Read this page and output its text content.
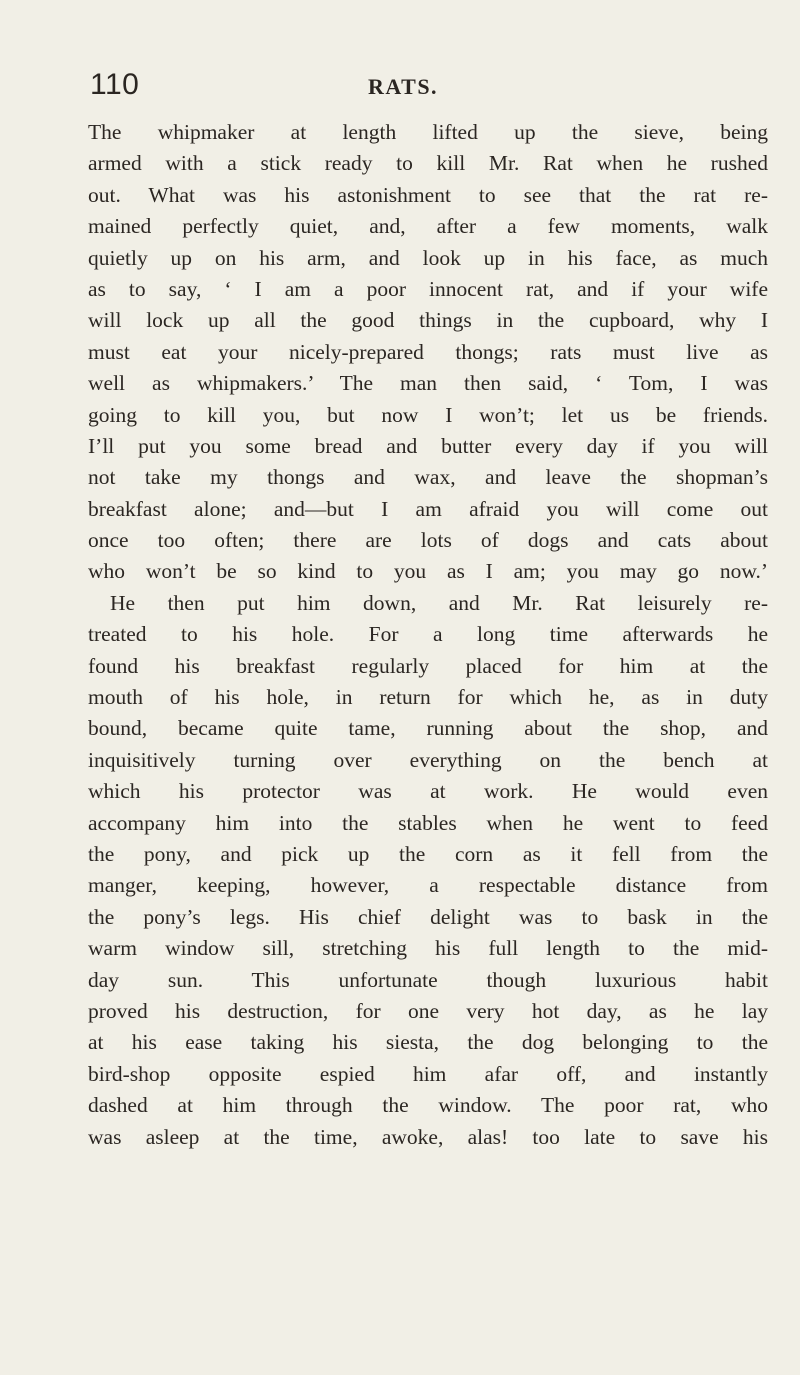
110	RATS.
The whipmaker at length lifted up the sieve, being
armed with a stick ready to kill Mr. Rat when he rushed
out. What was his astonishment to see that the rat re-
mained perfectly quiet, and, after a few moments, walk
quietly up on his arm, and look up in his face, as much
as to say, ‘ I am a poor innocent rat, and if your wife
will lock up all the good things in the cupboard, why I
must eat your nicely-prepared thongs; rats must live as
well as whipmakers.’ The man then said, ‘ Tom, I was
going to kill you, but now I won’t; let us be friends.
I’ll put you some bread and butter every day if you will
not take my thongs and wax, and leave the shopman’s
breakfast alone; and—but I am afraid you will come out
once too often; there are lots of dogs and cats about
who won’t be so kind to you as I am; you may go now.’
He then put him down, and Mr. Rat leisurely re-
treated to his hole. For a long time afterwards he
found his breakfast regularly placed for him at the
mouth of his hole, in return for which he, as in duty
bound, became quite tame, running about the shop, and
inquisitively turning over everything on the bench at
which his protector was at work. He would even
accompany him into the stables when he went to feed
the pony, and pick up the corn as it fell from the
manger, keeping, however, a respectable distance from
the pony’s legs. His chief delight was to bask in the
warm window sill, stretching his full length to the mid-
day sun. This unfortunate though luxurious habit
proved his destruction, for one very hot day, as he lay
at his ease taking his siesta, the dog belonging to the
bird-shop opposite espied him afar off, and instantly
dashed at him through the window. The poor rat, who
was asleep at the time, awoke, alas! too late to save his
